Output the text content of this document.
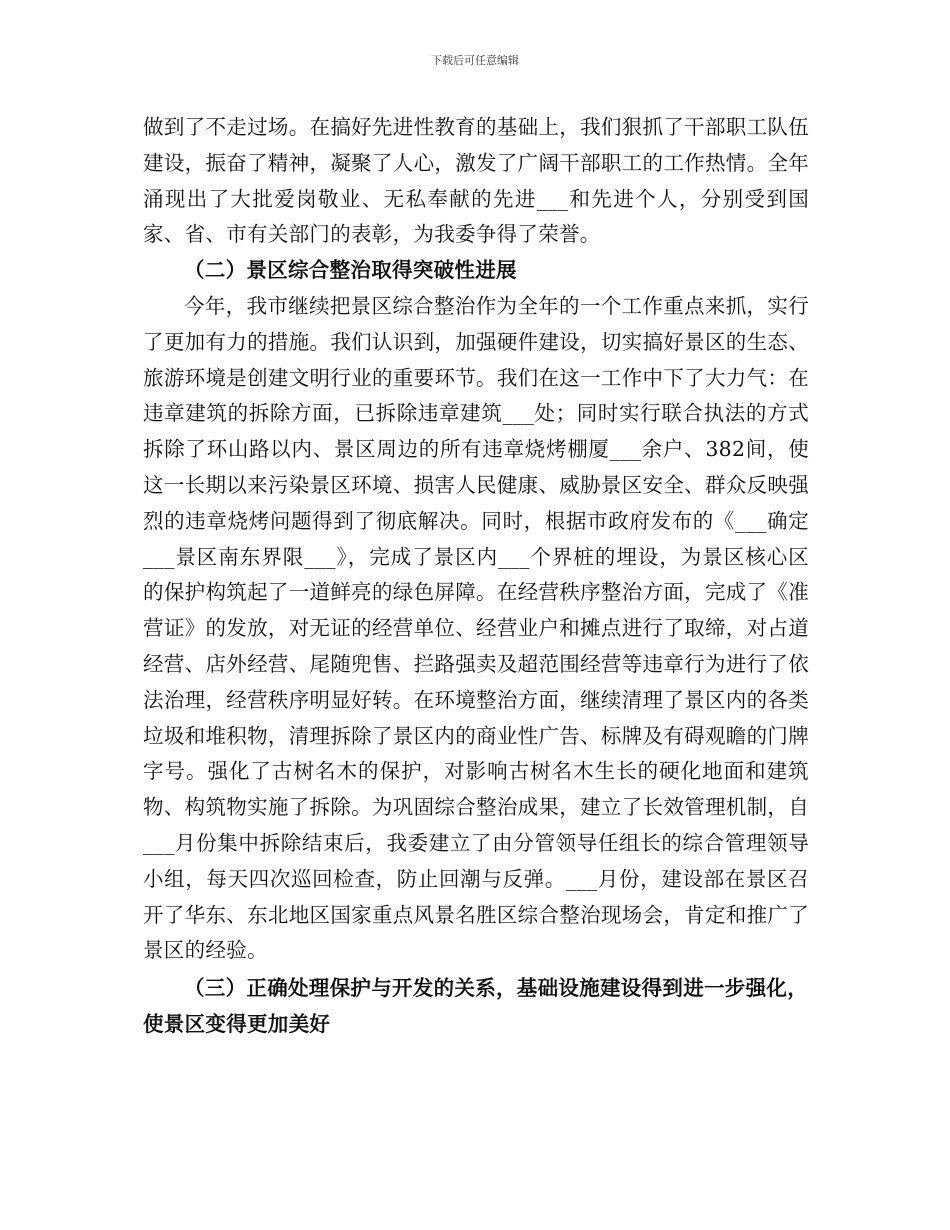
下载后可任意编辑

做到了不走过场。在搞好先进性教育的基础上，我们狠抓了干部职工队伍建设，振奋了精神，凝聚了人心，激发了广阔干部职工的工作热情。全年涌现出了大批爱岗敬业、无私奉献的先进___和先进个人，分别受到国家、省、市有关部门的表彰，为我委争得了荣誉。

（二）景区综合整治取得突破性进展

今年，我市继续把景区综合整治作为全年的一个工作重点来抓，实行了更加有力的措施。我们认识到，加强硬件建设，切实搞好景区的生态、旅游环境是创建文明行业的重要环节。我们在这一工作中下了大力气：在违章建筑的拆除方面，已拆除违章建筑___处；同时实行联合执法的方式拆除了环山路以内、景区周边的所有违章烧烤棚厦___余户、382间，使这一长期以来污染景区环境、损害人民健康、威胁景区安全、群众反映强烈的违章烧烤问题得到了彻底解决。同时，根据市政府发布的《___确定___景区南东界限___》，完成了景区内___个界桩的埋设，为景区核心区的保护构筑起了一道鲜亮的绿色屏障。在经营秩序整治方面，完成了《准营证》的发放，对无证的经营单位、经营业户和摊点进行了取缔，对占道经营、店外经营、尾随兜售、拦路强卖及超范围经营等违章行为进行了依法治理，经营秩序明显好转。在环境整治方面，继续清理了景区内的各类垃圾和堆积物，清理拆除了景区内的商业性广告、标牌及有碍观瞻的门牌字号。强化了古树名木的保护，对影响古树名木生长的硬化地面和建筑物、构筑物实施了拆除。为巩固综合整治成果，建立了长效管理机制，自___月份集中拆除结束后，我委建立了由分管领导任组长的综合管理领导小组，每天四次巡回检查，防止回潮与反弹。___月份，建设部在景区召开了华东、东北地区国家重点风景名胜区综合整治现场会，肯定和推广了景区的经验。

（三）正确处理保护与开发的关系，基础设施建设得到进一步强化，使景区变得更加美好
